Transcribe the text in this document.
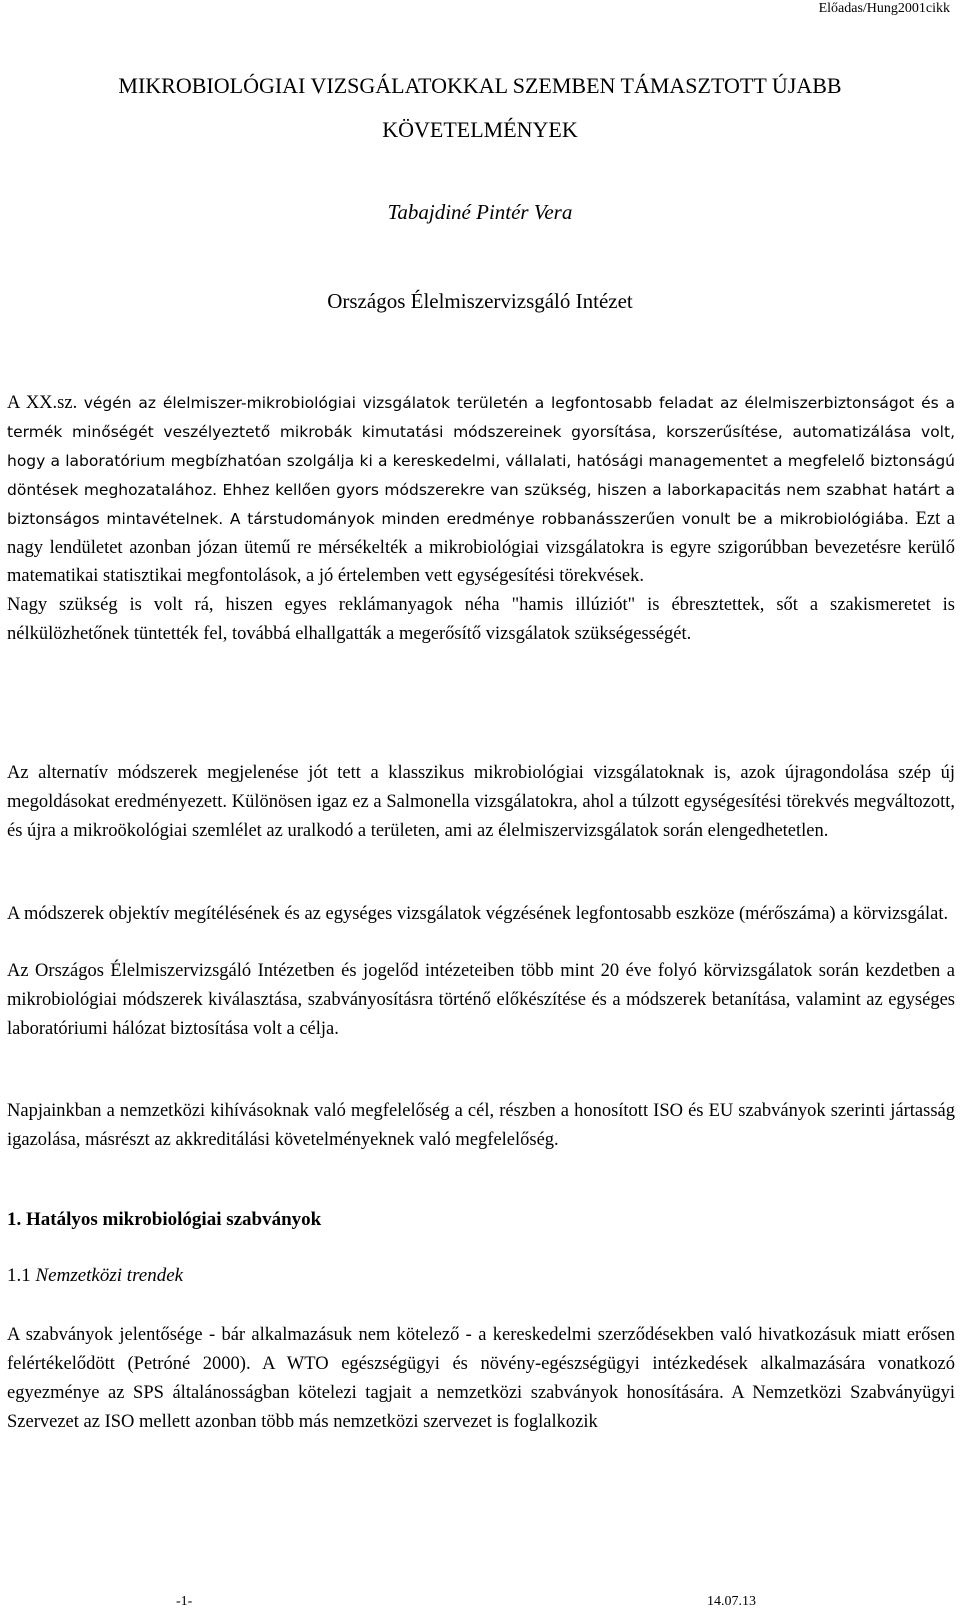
Előadas/Hung2001cikk
MIKROBIOLÓGIAI VIZSGÁLATOKKAL SZEMBEN TÁMASZTOTT ÚJABB
KÖVETELMÉNYEK
Tabajdiné Pintér Vera
Országos Élelmiszervizsgáló Intézet

A XX.sz. végén az élelmiszer-mikrobiológiai vizsgálatok területén a legfontosabb feladat az élelmiszerbiztonságot és a termék minőségét veszélyeztető mikrobák kimutatási módszereinek gyorsítása, korszerűsítése, automatizálása volt, hogy a laboratórium megbízhatóan szolgálja ki a kereskedelmi, vállalati, hatósági managementet a megfelelő biztonságú döntések meghozatalához. Ehhez kellően gyors módszerekre van szükség, hiszen a laborkapacitás nem szabhat határt a biztonságos mintavételnek. A társtudományok minden eredménye robbanásszerűen vonult be a mikrobiológiába. Ezt a nagy lendületet azonban józan ütemű re mérsékelték a mikrobiológiai vizsgálatokra is egyre szigorúbban bevezetésre kerülő matematikai statisztikai megfontolások, a jó értelemben vett egységesítési törekvések.

Nagy szükség is volt rá, hiszen egyes reklámanyagok néha "hamis illúziót" is ébresztettek, sőt a szakismeretet is nélkülözhetőnek tüntették fel, továbbá elhallgatták a megerősítő vizsgálatok szükségességét.

Az alternatív módszerek megjelenése jót tett a klasszikus mikrobiológiai vizsgálatoknak is, azok újragondolása szép új megoldásokat eredményezett. Különösen igaz ez a Salmonella vizsgálatokra, ahol a túlzott egységesítési törekvés megváltozott, és újra a mikroökológiai szemlélet az uralkodó a területen, ami az élelmiszervizsgálatok során elengedhetetlen.
A módszerek objektív megítélésének és az egységes vizsgálatok végzésének legfontosabb eszköze (mérőszáma) a körvizsgálat.
Az Országos Élelmiszervizsgáló Intézetben és jogelőd intézeteiben több mint 20 éve folyó körvizsgálatok során kezdetben a mikrobiológiai módszerek kiválasztása, szabványosításra történő előkészítése és a módszerek betanítása, valamint az egységes laboratóriumi hálózat biztosítása volt a célja.
Napjainkban a nemzetközi kihívásoknak való megfelelőség a cél, részben a honosított ISO és EU szabványok szerinti jártasság igazolása, másrészt az akkreditálási követelményeknek való megfelelőség.
1. Hatályos mikrobiológiai szabványok
1.1 Nemzetközi trendek
A szabványok jelentősége - bár alkalmazásuk nem kötelező - a kereskedelmi szerződésekben való hivatkozásuk miatt erősen felértékelődött (Petróné 2000). A WTO egészségügyi és növény-egészségügyi intézkedések alkalmazására vonatkozó egyezménye az SPS általánosságban kötelezi tagjait a nemzetközi szabványok honosítására. A Nemzetközi Szabványügyi Szervezet az ISO mellett azonban több más nemzetközi szervezet is foglalkozik
-1-	14.07.13
